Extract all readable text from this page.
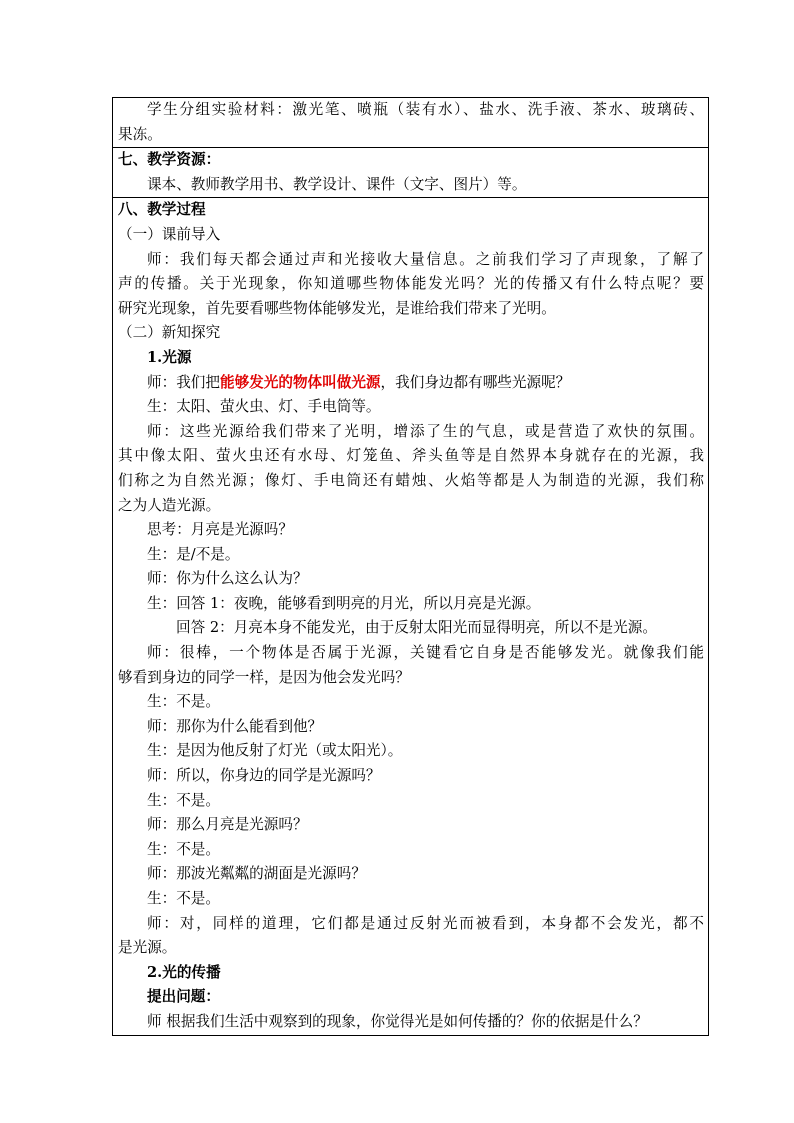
学生分组实验材料：激光笔、喷瓶（装有水）、盐水、洗手液、茶水、玻璃砖、
果冻。

七、教学资源：
课本、教师教学用书、教学设计、课件（文字、图片）等。

八、教学过程
（一）课前导入
师：我们每天都会通过声和光接收大量信息。之前我们学习了声现象，了解了
声的传播。关于光现象，你知道哪些物体能发光吗？光的传播又有什么特点呢？要
研究光现象，首先要看哪些物体能够发光，是谁给我们带来了光明。
（二）新知探究
1.光源
师：我们把能够发光的物体叫做光源，我们身边都有哪些光源呢？
生：太阳、萤火虫、灯、手电筒等。
师：这些光源给我们带来了光明，增添了生的气息，或是营造了欢快的氛围。
其中像太阳、萤火虫还有水母、灯笼鱼、斧头鱼等是自然界本身就存在的光源，我
们称之为自然光源；像灯、手电筒还有蜡烛、火焰等都是人为制造的光源，我们称
之为人造光源。
思考：月亮是光源吗？
生：是/不是。
师：你为什么这么认为？
生：回答 1：夜晚，能够看到明亮的月光，所以月亮是光源。
回答 2：月亮本身不能发光，由于反射太阳光而显得明亮，所以不是光源。
师：很棒，一个物体是否属于光源，关键看它自身是否能够发光。就像我们能
够看到身边的同学一样，是因为他会发光吗？
生：不是。
师：那你为什么能看到他？
生：是因为他反射了灯光（或太阳光）。
师：所以，你身边的同学是光源吗？
生：不是。
师：那么月亮是光源吗？
生：不是。
师：那波光粼粼的湖面是光源吗？
生：不是。
师：对，同样的道理，它们都是通过反射光而被看到，本身都不会发光，都不
是光源。
2.光的传播
提出问题：
师 根据我们生活中观察到的现象，你觉得光是如何传播的？你的依据是什么？
